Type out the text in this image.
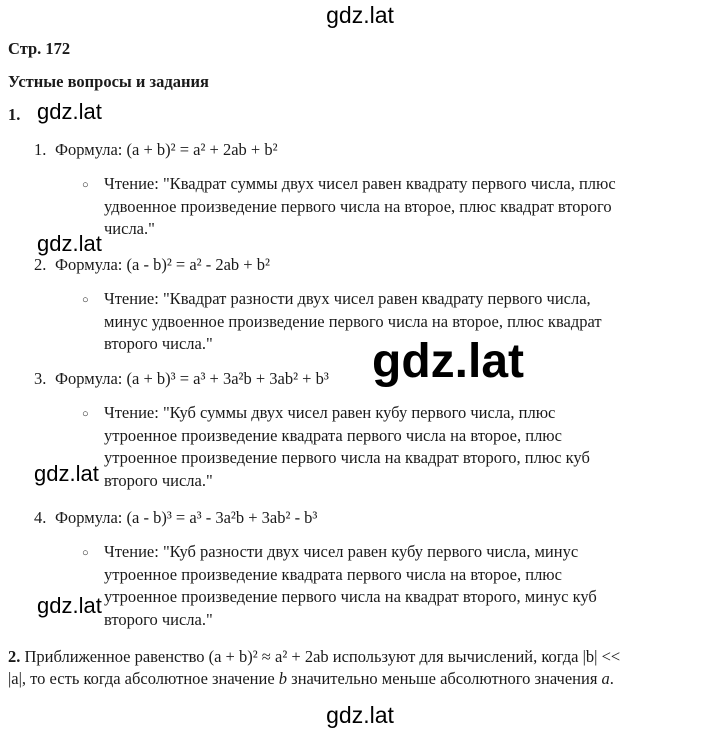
gdz.lat
gdz.lat
gdz.lat
gdz.lat
gdz.lat
gdz.lat
gdz.lat
Стр. 172
Устные вопросы и задания
1.
1. Формула: (a + b)² = a² + 2ab + b²
○ Чтение: "Квадрат суммы двух чисел равен квадрату первого числа, плюс
удвоенное произведение первого числа на второе, плюс квадрат второго
числа."
2. Формула: (a - b)² = a² - 2ab + b²
○ Чтение: "Квадрат разности двух чисел равен квадрату первого числа,
минус удвоенное произведение первого числа на второе, плюс квадрат
второго числа."
3. Формула: (a + b)³ = a³ + 3a²b + 3ab² + b³
○ Чтение: "Куб суммы двух чисел равен кубу первого числа, плюс
утроенное произведение квадрата первого числа на второе, плюс
утроенное произведение первого числа на квадрат второго, плюс куб
второго числа."
4. Формула: (a - b)³ = a³ - 3a²b + 3ab² - b³
○ Чтение: "Куб разности двух чисел равен кубу первого числа, минус
утроенное произведение квадрата первого числа на второе, плюс
утроенное произведение первого числа на квадрат второго, минус куб
второго числа."
2. Приближенное равенство (a + b)² ≈ a² + 2ab используют для вычислений, когда |b| <<
|a|, то есть когда абсолютное значение b значительно меньше абсолютного значения a.
